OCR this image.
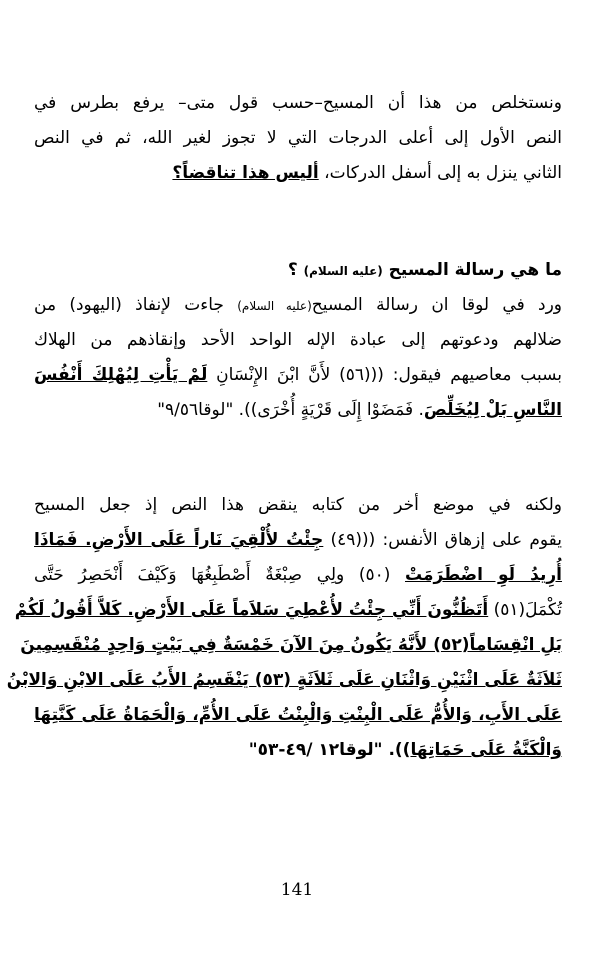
ونستخلص من هذا أن المسيح–حسب قول متى– يرفع بطرس في
النص الأول إلى أعلى الدرجات التي لا تجوز لغير الله، ثم في النص
الثاني ينزل به إلى أسفل الدركات، أليس هذا تناقضاً؟
ما هي رسالة المسيح (عليه السلام) ؟
ورد في لوقا ان رسالة المسيح(عليه السلام) جاءت لإنفاذ (اليهود) من
ضلالهم ودعوتهم إلى عبادة الإله الواحد الأحد وإنقاذهم من الهلاك
بسبب معاصيهم فيقول: (((٥٦) لأَنَّ ابْنَ الإِنْسَانِ لَمْ يَأْتِ لِيُهْلِكَ أَنْفُسَ
النَّاسِ بَلْ لِيُخَلِّصَ. فَمَضَوْا إِلَى قَرْيَةٍ أُخْرَى)). "لوقا٩/٥٦"
ولكنه في موضع أخر من كتابه ينقض هذا النص إذ جعل المسيح
يقوم على إزهاق الأنفس: (((٤٩) جِئْتُ لأُلْقِيَ نَاراً عَلَى الأَرْضِ. فَمَاذَا
أُرِيدُ لَوِ اضْطَرَمَتْ (٥٠) ولِي صِبْغَةٌ أَصْطَبِغُهَا وَكَيْفَ أَنْحَصِرُ حَتَّى
تُكْمَلَ(٥١) أَتَظُنُّونَ أَنِّي جِئْتُ لأُعْطِيَ سَلاَماً عَلَى الأَرْضِ. كَلاَّ أَقُولُ لَكُمْ
بَلِ انْقِسَاماً(٥٢) لأَنَّهُ يَكُونُ مِنَ الآنَ خَمْسَةٌ فِي بَيْتٍ وَاحِدٍ مُنْقَسِمِينَ
ثَلاَثَةٌ عَلَى اثْنَيْنِ وَاثْنَانِ عَلَى ثَلاَثَةٍ (٥٣) يَنْقَسِمُ الأَبُ عَلَى الابْنِ وَالابْنُ
عَلَى الأَبِ، وَالأُمُّ عَلَى الْبِنْتِ وَالْبِنْتُ عَلَى الأُمِّ، وَالْحَمَاةُ عَلَى كَنَّتِهَا
وَالْكَنَّةُ عَلَى حَمَاتِهَا)). "لوقا١٢ /٤٩-٥٣"
141
